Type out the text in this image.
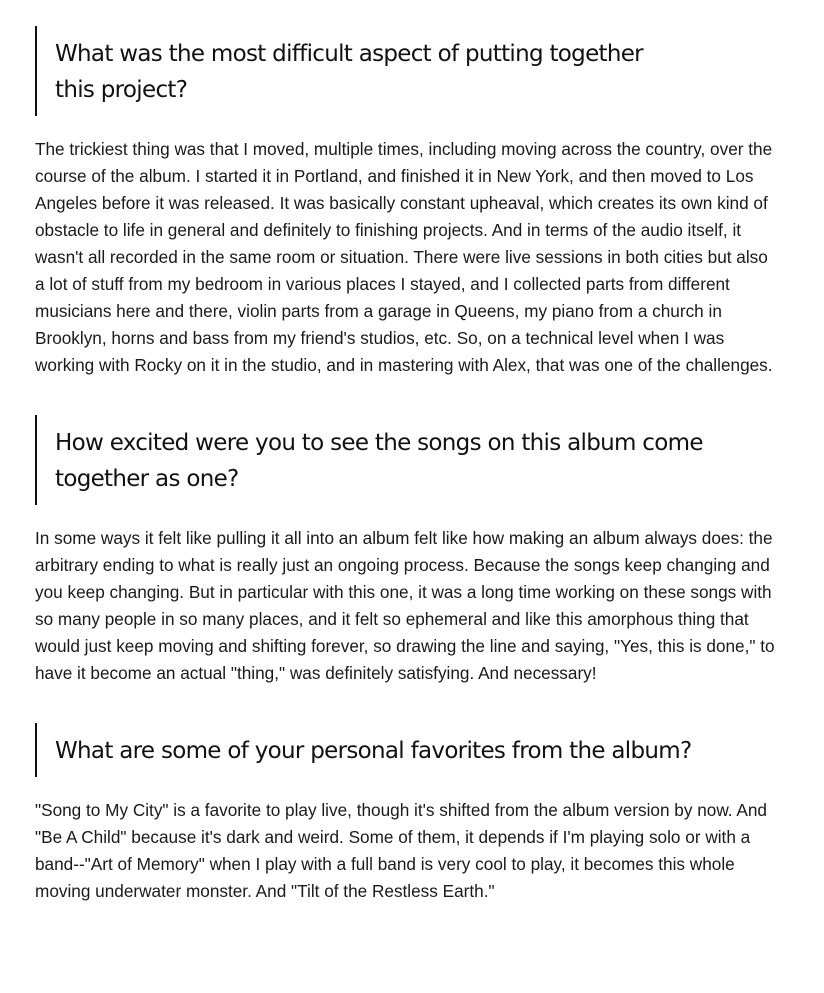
What was the most difficult aspect of putting together this project?

The trickiest thing was that I moved, multiple times, including moving across the country, over the course of the album. I started it in Portland, and finished it in New York, and then moved to Los Angeles before it was released. It was basically constant upheaval, which creates its own kind of obstacle to life in general and definitely to finishing projects. And in terms of the audio itself, it wasn't all recorded in the same room or situation. There were live sessions in both cities but also a lot of stuff from my bedroom in various places I stayed, and I collected parts from different musicians here and there, violin parts from a garage in Queens, my piano from a church in Brooklyn, horns and bass from my friend's studios, etc. So, on a technical level when I was working with Rocky on it in the studio, and in mastering with Alex, that was one of the challenges.

How excited were you to see the songs on this album come together as one?

In some ways it felt like pulling it all into an album felt like how making an album always does: the arbitrary ending to what is really just an ongoing process. Because the songs keep changing and you keep changing. But in particular with this one, it was a long time working on these songs with so many people in so many places, and it felt so ephemeral and like this amorphous thing that would just keep moving and shifting forever, so drawing the line and saying, "Yes, this is done," to have it become an actual "thing," was definitely satisfying. And necessary!

What are some of your personal favorites from the album?

"Song to My City" is a favorite to play live, though it's shifted from the album version by now. And "Be A Child" because it's dark and weird. Some of them, it depends if I'm playing solo or with a band--"Art of Memory" when I play with a full band is very cool to play, it becomes this whole moving underwater monster. And "Tilt of the Restless Earth."
